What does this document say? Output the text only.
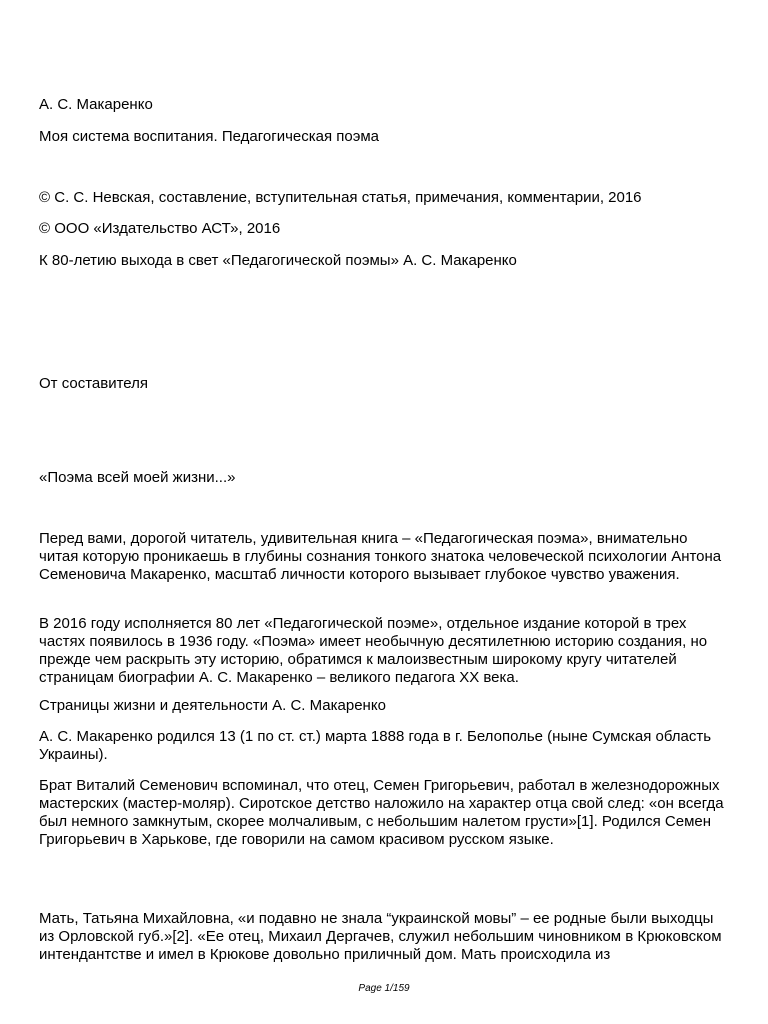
А. С. Макаренко

Моя система воспитания. Педагогическая поэма

© С. С. Невская, составление, вступительная статья, примечания, комментарии, 2016

© ООО «Издательство АСТ», 2016

К 80-летию выхода в свет «Педагогической поэмы» А. С. Макаренко

От составителя

«Поэма всей моей жизни...»

Перед вами, дорогой читатель, удивительная книга – «Педагогическая поэма», внимательно читая которую проникаешь в глубины сознания тонкого знатока человеческой психологии Антона Семеновича Макаренко, масштаб личности которого вызывает глубокое чувство уважения.

В 2016 году исполняется 80 лет «Педагогической поэме», отдельное издание которой в трех частях появилось в 1936 году. «Поэма» имеет необычную десятилетнюю историю создания, но прежде чем раскрыть эту историю, обратимся к малоизвестным широкому кругу читателей страницам биографии А. С. Макаренко – великого педагога XX века.

Страницы жизни и деятельности А. С. Макаренко

А. С. Макаренко родился 13 (1 по ст. ст.) марта 1888 года в г. Белополье (ныне Сумская область Украины).

Брат Виталий Семенович вспоминал, что отец, Семен Григорьевич, работал в железнодорожных мастерских (мастер-моляр). Сиротское детство наложило на характер отца свой след: «он всегда был немного замкнутым, скорее молчаливым, с небольшим налетом грусти»[1]. Родился Семен Григорьевич в Харькове, где говорили на самом красивом русском языке.

Мать, Татьяна Михайловна, «и подавно не знала “украинской мовы” – ее родные были выходцы из Орловской губ.»[2]. «Ее отец, Михаил Дергачев, служил небольшим чиновником в Крюковском интендантстве и имел в Крюкове довольно приличный дом. Мать происходила из

Page 1/159
